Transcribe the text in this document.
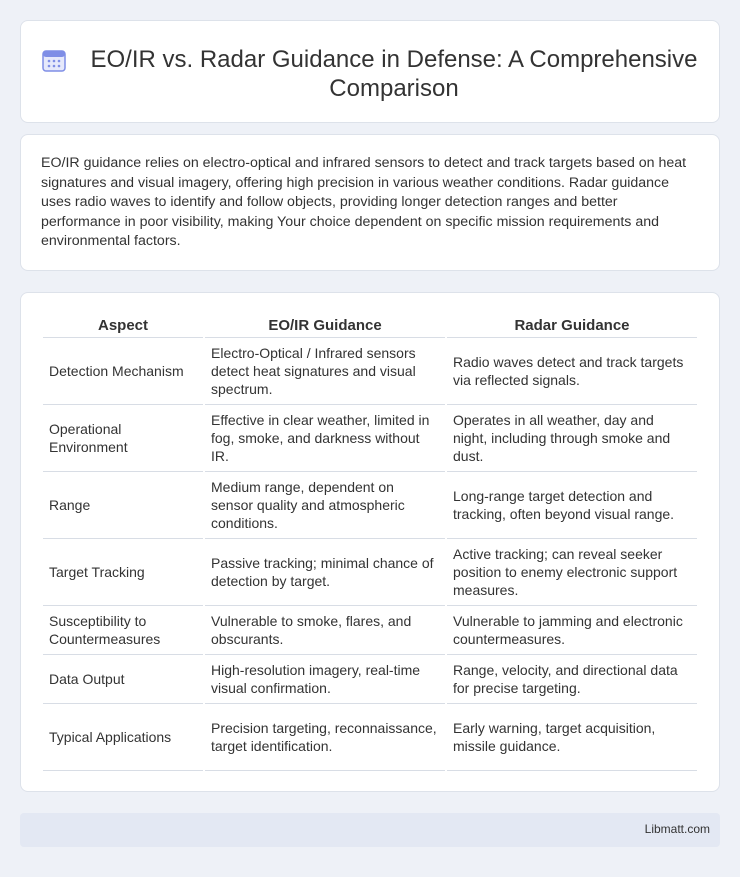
EO/IR vs. Radar Guidance in Defense: A Comprehensive Comparison

EO/IR guidance relies on electro-optical and infrared sensors to detect and track targets based on heat signatures and visual imagery, offering high precision in various weather conditions. Radar guidance uses radio waves to identify and follow objects, providing longer detection ranges and better performance in poor visibility, making Your choice dependent on specific mission requirements and environmental factors.

Aspect	EO/IR Guidance	Radar Guidance
Detection Mechanism	Electro-Optical / Infrared sensors detect heat signatures and visual spectrum.	Radio waves detect and track targets via reflected signals.
Operational Environment	Effective in clear weather, limited in fog, smoke, and darkness without IR.	Operates in all weather, day and night, including through smoke and dust.
Range	Medium range, dependent on sensor quality and atmospheric conditions.	Long-range target detection and tracking, often beyond visual range.
Target Tracking	Passive tracking; minimal chance of detection by target.	Active tracking; can reveal seeker position to enemy electronic support measures.
Susceptibility to Countermeasures	Vulnerable to smoke, flares, and obscurants.	Vulnerable to jamming and electronic countermeasures.
Data Output	High-resolution imagery, real-time visual confirmation.	Range, velocity, and directional data for precise targeting.
Typical Applications	Precision targeting, reconnaissance, target identification.	Early warning, target acquisition, missile guidance.
Libmatt.com
